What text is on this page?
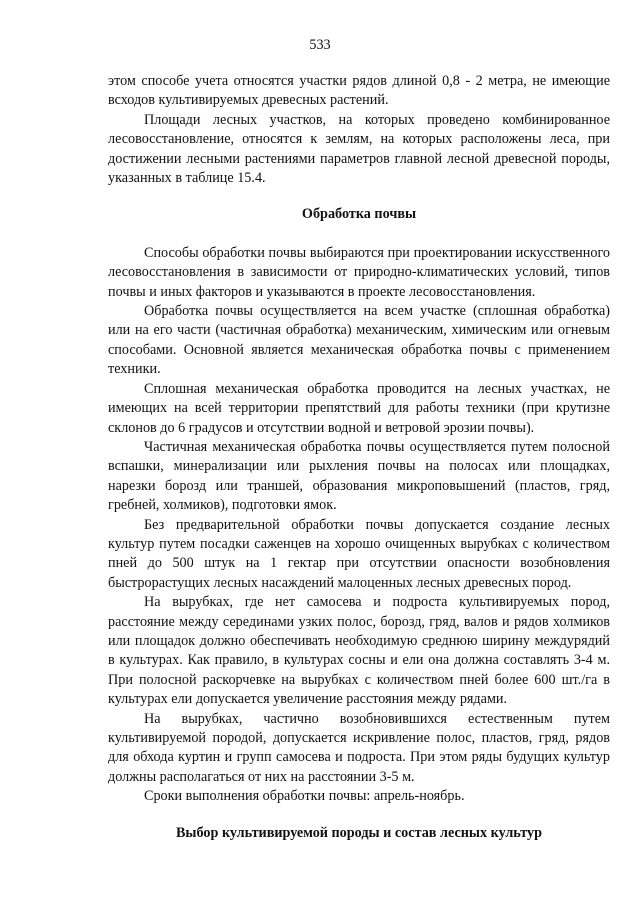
533

этом способе учета относятся участки рядов длиной 0,8 - 2 метра, не имеющие всходов культивируемых древесных растений.

Площади лесных участков, на которых проведено комбинированное лесовосстановление, относятся к землям, на которых расположены леса, при достижении лесными растениями параметров главной лесной древесной породы, указанных в таблице 15.4.

Обработка почвы

Способы обработки почвы выбираются при проектировании искусственного лесовосстановления в зависимости от природно-климатических условий, типов почвы и иных факторов и указываются в проекте лесовосстановления.

Обработка почвы осуществляется на всем участке (сплошная обработка) или на его части (частичная обработка) механическим, химическим или огневым способами. Основной является механическая обработка почвы с применением техники.

Сплошная механическая обработка проводится на лесных участках, не имеющих на всей территории препятствий для работы техники (при крутизне склонов до 6 градусов и отсутствии водной и ветровой эрозии почвы).

Частичная механическая обработка почвы осуществляется путем полосной вспашки, минерализации или рыхления почвы на полосах или площадках, нарезки борозд или траншей, образования микроповышений (пластов, гряд, гребней, холмиков), подготовки ямок.

Без предварительной обработки почвы допускается создание лесных культур путем посадки саженцев на хорошо очищенных вырубках с количеством пней до 500 штук на 1 гектар при отсутствии опасности возобновления быстрорастущих лесных насаждений малоценных лесных древесных пород.

На вырубках, где нет самосева и подроста культивируемых пород, расстояние между серединами узких полос, борозд, гряд, валов и рядов холмиков или площадок должно обеспечивать необходимую среднюю ширину междурядий в культурах. Как правило, в культурах сосны и ели она должна составлять 3-4 м. При полосной раскорчевке на вырубках с количеством пней более 600 шт./га в культурах ели допускается увеличение расстояния между рядами.

На вырубках, частично возобновившихся естественным путем культивируемой породой, допускается искривление полос, пластов, гряд, рядов для обхода куртин и групп самосева и подроста. При этом ряды будущих культур должны располагаться от них на расстоянии 3-5 м.

Сроки выполнения обработки почвы: апрель-ноябрь.

Выбор культивируемой породы и состав лесных культур
